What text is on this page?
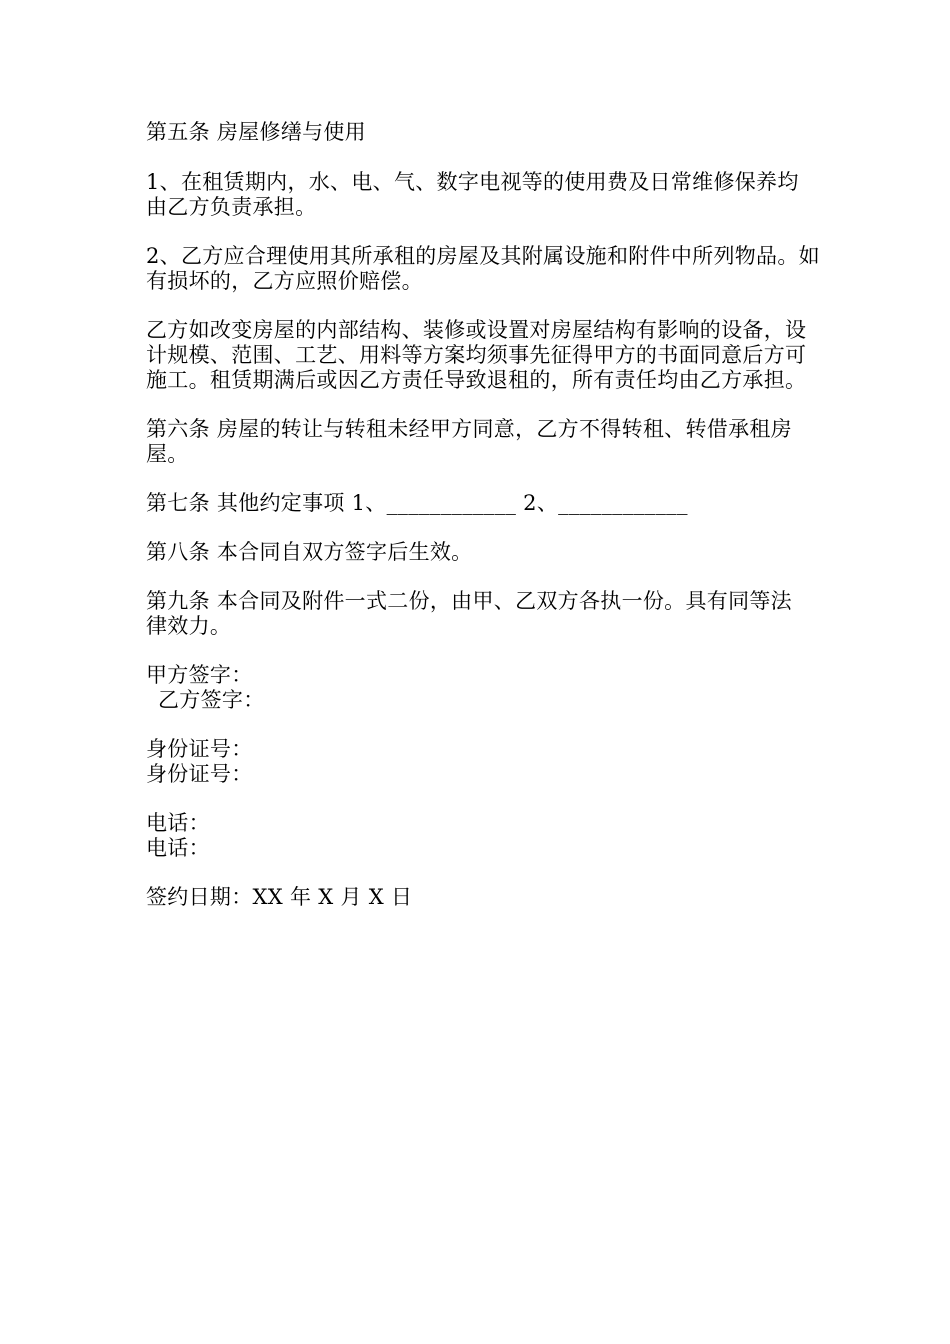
第五条 房屋修缮与使用

1、在租赁期内，水、电、气、数字电视等的使用费及日常维修保养均由乙方负责承担。

2、乙方应合理使用其所承租的房屋及其附属设施和附件中所列物品。如有损坏的，乙方应照价赔偿。

乙方如改变房屋的内部结构、装修或设置对房屋结构有影响的设备，设计规模、范围、工艺、用料等方案均须事先征得甲方的书面同意后方可施工。租赁期满后或因乙方责任导致退租的，所有责任均由乙方承担。

第六条 房屋的转让与转租未经甲方同意，乙方不得转租、转借承租房屋。

第七条 其他约定事项 1、____________ 2、____________

第八条 本合同自双方签字后生效。

第九条 本合同及附件一式二份，由甲、乙双方各执一份。具有同等法律效力。

甲方签字：
乙方签字：
身份证号：
身份证号：
电话：
电话：
签约日期：XX 年 X 月 X 日
